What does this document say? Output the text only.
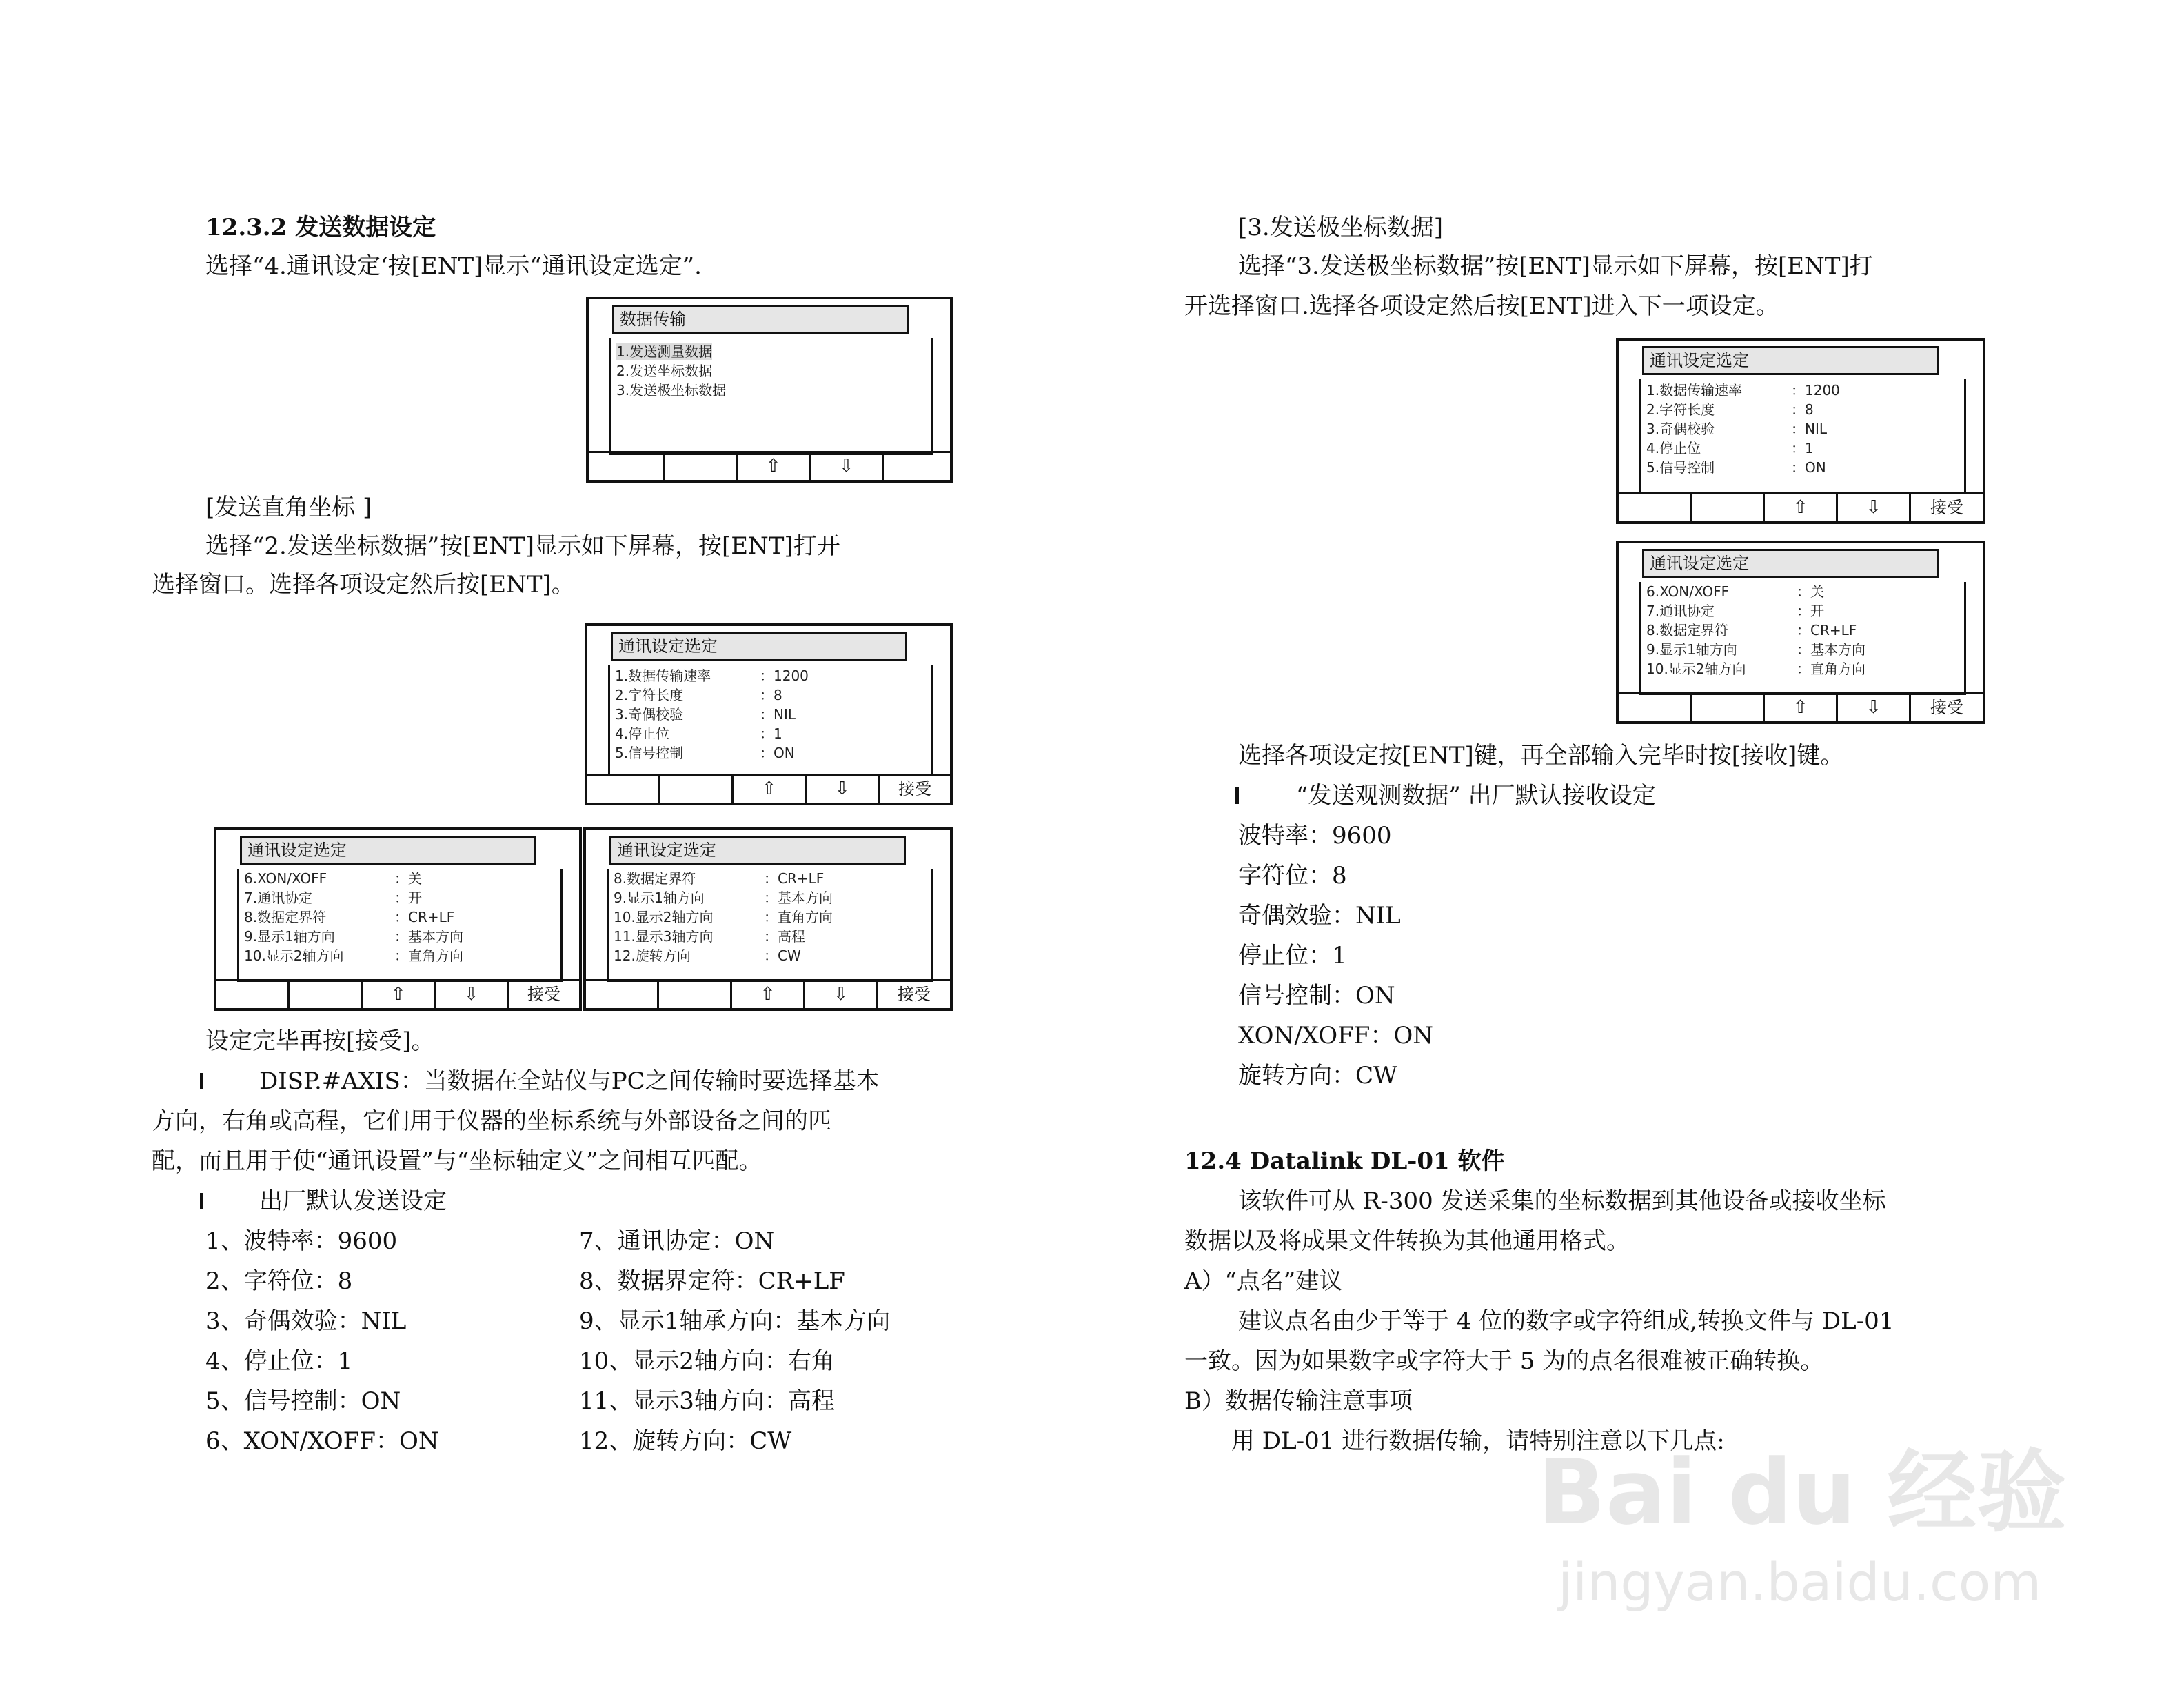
12.3.2 发送数据设定
选择“4.通讯设定‘按[ENT]显示“通讯设定选定”.
数据传输
1.发送测量数据
2.发送坐标数据
3.发送极坐标数据
⇧	⇩
[发送直角坐标 ]
选择“2.发送坐标数据”按[ENT]显示如下屏幕，按[ENT]打开
选择窗口。选择各项设定然后按[ENT]。
通讯设定选定
1.数据传输速率	：1200
2.字符长度	：8
3.奇偶校验	：NIL
4.停止位	：1
5.信号控制	：ON
⇧	⇩	接受
通讯设定选定
6.XON/XOFF	：关
7.通讯协定	：开
8.数据定界符	：CR+LF
9.显示1轴方向	：基本方向
10.显示2轴方向	：直角方向
⇧	⇩	接受
通讯设定选定
8.数据定界符	：CR+LF
9.显示1轴方向	：基本方向
10.显示2轴方向	：直角方向
11.显示3轴方向	：高程
12.旋转方向	：CW
⇧	⇩	接受
设定完毕再按[接受]。
DISP.#AXIS：当数据在全站仪与PC之间传输时要选择基本
方向，右角或高程，它们用于仪器的坐标系统与外部设备之间的匹
配，而且用于使“通讯设置”与“坐标轴定义”之间相互匹配。
出厂默认发送设定
1、波特率：9600
2、字符位：8
3、奇偶效验：NIL
4、停止位：1
5、信号控制：ON
6、XON/XOFF：ON
7、通讯协定：ON
8、数据界定符：CR+LF
9、显示1轴承方向：基本方向
10、显示2轴方向：右角
11、显示3轴方向：高程
12、旋转方向：CW
[3.发送极坐标数据]
选择“3.发送极坐标数据”按[ENT]显示如下屏幕，按[ENT]打
开选择窗口.选择各项设定然后按[ENT]进入下一项设定。
通讯设定选定
1.数据传输速率	：1200
2.字符长度	：8
3.奇偶校验	：NIL
4.停止位	：1
5.信号控制	：ON
⇧	⇩	接受
通讯设定选定
6.XON/XOFF	：关
7.通讯协定	：开
8.数据定界符	：CR+LF
9.显示1轴方向	：基本方向
10.显示2轴方向	：直角方向
⇧	⇩	接受
选择各项设定按[ENT]键，再全部输入完毕时按[接收]键。
“发送观测数据” 出厂默认接收设定
波特率：9600
字符位：8
奇偶效验：NIL
停止位：1
信号控制：ON
XON/XOFF：ON
旋转方向：CW
12.4 Datalink DL-01 软件
该软件可从 R-300 发送采集的坐标数据到其他设备或接收坐标
数据以及将成果文件转换为其他通用格式。
A）“点名”建议
建议点名由少于等于 4 位的数字或字符组成,转换文件与 DL-01
一致。因为如果数字或字符大于 5 为的点名很难被正确转换。
B）数据传输注意事项
用 DL-01 进行数据传输，请特别注意以下几点:
Bai du 经验
jingyan.baidu.com
